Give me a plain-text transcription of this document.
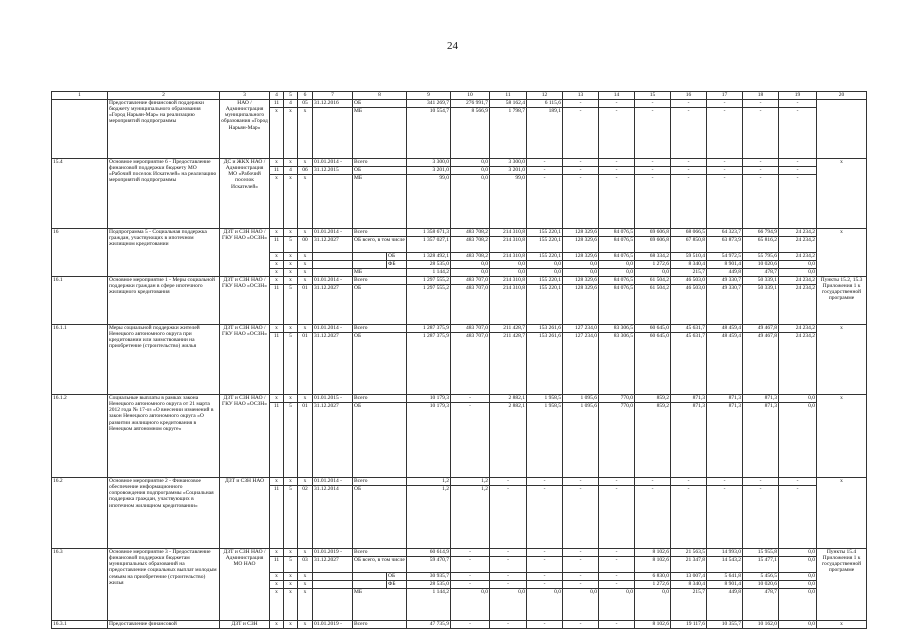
24
1	2	3	4	5	6	7	8		9	10	11	12	13	14	15	16	17	18	19	20
	Предоставление финансовой поддержки бюджету муниципального образования «Город Нарьян-Мар» на реализацию мероприятий подпрограммы	НАО / Администрация муниципального образования «Город Нарьян-Мар»	11	4	05	31.12.2016	ОБ		341 269,7	276 991,7	58 162,4	6 115,6	-	-	-	-	-	-	-	
			х	х	х		МБ		10 554,7	8 566,9	1 798,7	189,1	-	-	-	-	-	-	-	
15.4	Основное мероприятие 6 - Предоставление финансовой поддержки бюджету МО «Рабочий поселок Искателей» на реализацию мероприятий подпрограммы	ДС и ЖКХ НАО / Администрация МО «Рабочий поселок Искателей»	х	х	х	01.01.2014 -	Всего		3 300,0	0,0	3 300,0	-	-	-	-	-	-	-	-	х
			11	4	06	31.12.2015	ОБ		3 201,0	0,0	3 201,0	-	-	-	-	-	-	-	-	
			х	х	х		МБ		99,0	0,0	99,0	-	-	-	-	-	-	-	-	
16	Подпрограмма 5 - Социальная поддержка граждан, участвующих в ипотечном жилищном кредитовании	ДЗТ и СЗН НАО / ГКУ НАО «ОСЗН»	х	х	х	01.01.2014 -	Всего		1 358 671,3	483 708,2	214 310,8	155 220,1	128 329,6	84 076,5	69 606,8	68 066,5	64 323,7	66 794,9	24 234,2	х
			11	5	00	31.12.2027	ОБ всего, в том числе		1 357 027,1	483 708,2	214 310,8	155 220,1	128 329,6	84 076,5	69 606,8	67 850,8	63 873,9	65 816,2	24 234,2	
			х	х	х			ОБ	1 328 492,1	483 708,2	214 310,8	155 220,1	128 329,6	84 076,5	68 334,2	59 510,4	54 972,5	55 795,6	24 234,2	
			х	х	х			ФБ	28 535,0	0,0	0,0	0,0	0,0	0,0	1 272,6	8 340,4	8 901,4	10 020,6	0,0	
			х	х	х		МБ		1 144,2	0,0	0,0	0,0	0,0	0,0	0,0	215,7	449,8	478,7	0,0	
16.1	Основное мероприятие 1 - Меры социальной поддержки граждан в сфере ипотечного жилищного кредитования	ДЗТ и СЗН НАО / ГКУ НАО «ОСЗН»	х	х	х	01.01.2014 -	Всего		1 297 555,2	483 707,0	214 310,8	155 220,1	128 329,6	84 076,5	61 504,2	46 503,0	49 330,7	50 339,1	24 234,2	Пункты 15.2, 15.3 Приложения 1 к государственной программе
			11	5	01	31.12.2027	ОБ		1 297 555,2	483 707,0	214 310,8	155 220,1	128 329,6	84 076,5	61 504,2	46 503,0	49 330,7	50 339,1	24 234,2	
16.1.1	Меры социальной поддержки жителей Ненецкого автономного округа при кредитовании или заимствовании на приобретение (строительство) жилья	ДЗТ и СЗН НАО / ГКУ НАО «ОСЗН»	х	х	х	01.01.2014 -	Всего		1 287 375,9	483 707,0	211 428,7	153 261,6	127 234,0	83 306,5	60 645,0	45 631,7	48 459,4	49 467,8	24 234,2	х
			11	5	01	31.12.2027	ОБ		1 287 375,9	483 707,0	211 428,7	153 261,6	127 234,0	83 306,5	60 645,0	45 631,7	48 459,4	49 467,8	24 234,2	
16.1.2	Социальные выплаты в рамках закона Ненецкого автономного округа от 21 марта 2012 года № 17-оз «О внесении изменений в закон Ненецкого автономного округа «О развитии жилищного кредитования в Ненецком автономном округе»	ДЗТ и СЗН НАО / ГКУ НАО «ОСЗН»	х	х	х	01.01.2015 -	Всего		10 179,3	-	2 882,1	1 958,5	1 095,6	770,0	859,2	871,3	871,3	871,3	0,0	х
			11	5	01	31.12.2027	ОБ		10 179,3	-	2 882,1	1 958,5	1 095,6	770,0	859,2	871,3	871,3	871,3	0,0	
16.2	Основное мероприятие 2 - Финансовое обеспечение информационного сопровождения подпрограммы «Социальная поддержка граждан, участвующих в ипотечном жилищном кредитовании»	ДЗТ и СЗН НАО	х	х	х	01.01.2014 -	Всего		1,2	1,2	-	-	-	-	-	-	-	-	-	х
			11	5	02	31.12.2014	ОБ		1,2	1,2	-	-	-	-	-	-	-	-	-	
16.3	Основное мероприятие 3 - Предоставление финансовой поддержки бюджетам муниципальных образований на предоставление социальных выплат молодым семьям на приобретение (строительство) жилья	ДЗТ и СЗН НАО / Администрация МО НАО	х	х	х	01.01.2019 -	Всего		60 614,9	-	-	-	-	-	8 102,6	21 563,5	14 993,0	15 955,8	0,0	Пункты 15.4 Приложения 1 к государственной программе
			11	5	03	31.12.2027	ОБ всего, в том числе		59 470,7	-	-	-	-	-	8 102,6	21 347,8	14 543,2	15 477,1	0,0	
			х	х	х			ОБ	30 935,7	-	-	-	-	-	6 830,0	13 007,4	5 641,8	5 456,5	0,0	
			х	х	х			ФБ	28 535,0	-	-	-	-	-	1 272,6	8 340,4	8 901,4	10 020,6	0,0	
			х	х	х		МБ		1 144,2	0,0	0,0	0,0	0,0	0,0	0,0	215,7	449,8	478,7	0,0	
16.3.1	Предоставление финансовой	ДЗТ и СЗН	х	х	х	01.01.2019 -	Всего		47 735,9	-	-	-	-	-	8 102,6	19 117,6	10 355,7	10 162,0	0,0	х
